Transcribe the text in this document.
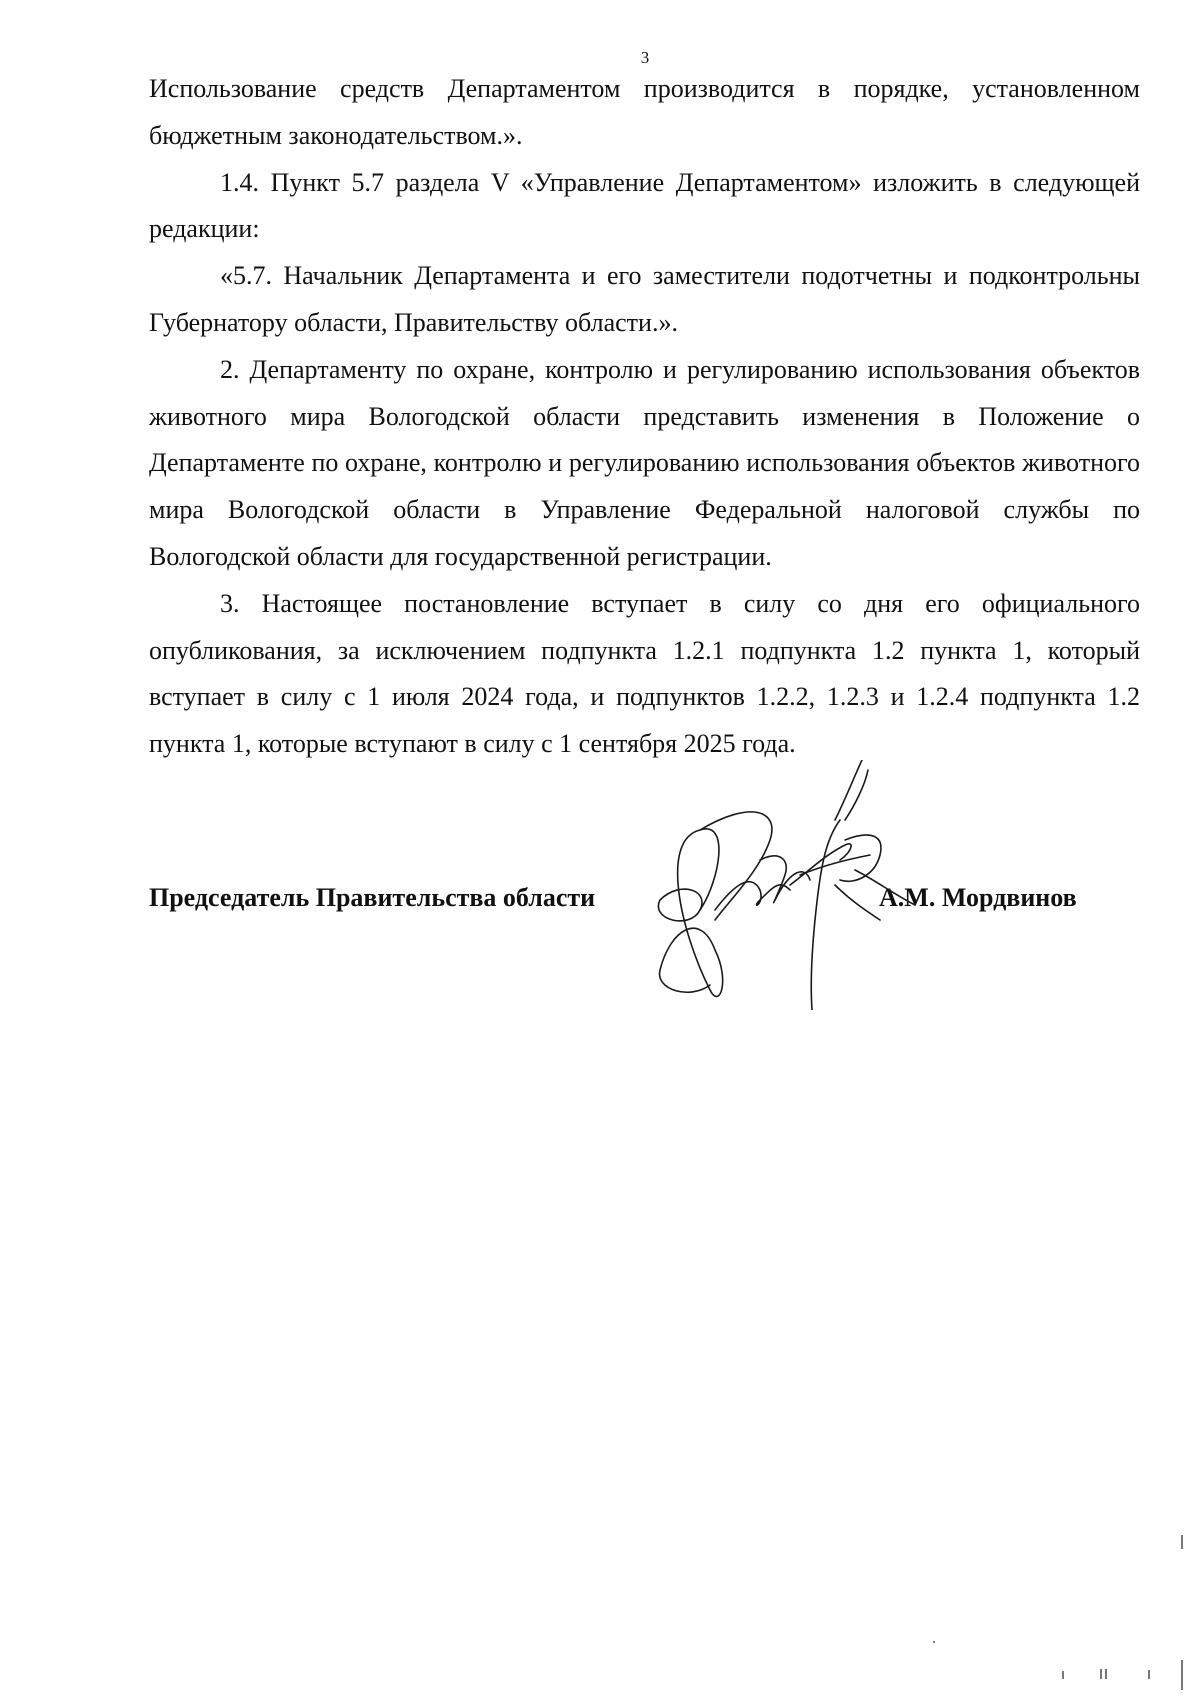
3

Использование средств Департаментом производится в порядке, установленном бюджетным законодательством.».

1.4. Пункт 5.7 раздела V «Управление Департаментом» изложить в следующей редакции:

«5.7. Начальник Департамента и его заместители подотчетны и подконтрольны Губернатору области, Правительству области.».

2. Департаменту по охране, контролю и регулированию использования объектов животного мира Вологодской области представить изменения в Положение о Департаменте по охране, контролю и регулированию использования объектов животного мира Вологодской области в Управление Федеральной налоговой службы по Вологодской области для государственной регистрации.

3. Настоящее постановление вступает в силу со дня его официального опубликования, за исключением подпункта 1.2.1 подпункта 1.2 пункта 1, который вступает в силу с 1 июля 2024 года, и подпунктов 1.2.2, 1.2.3 и 1.2.4 подпункта 1.2 пункта 1, которые вступают в силу с 1 сентября 2025 года.

Председатель Правительства области	А.М. Мордвинов
